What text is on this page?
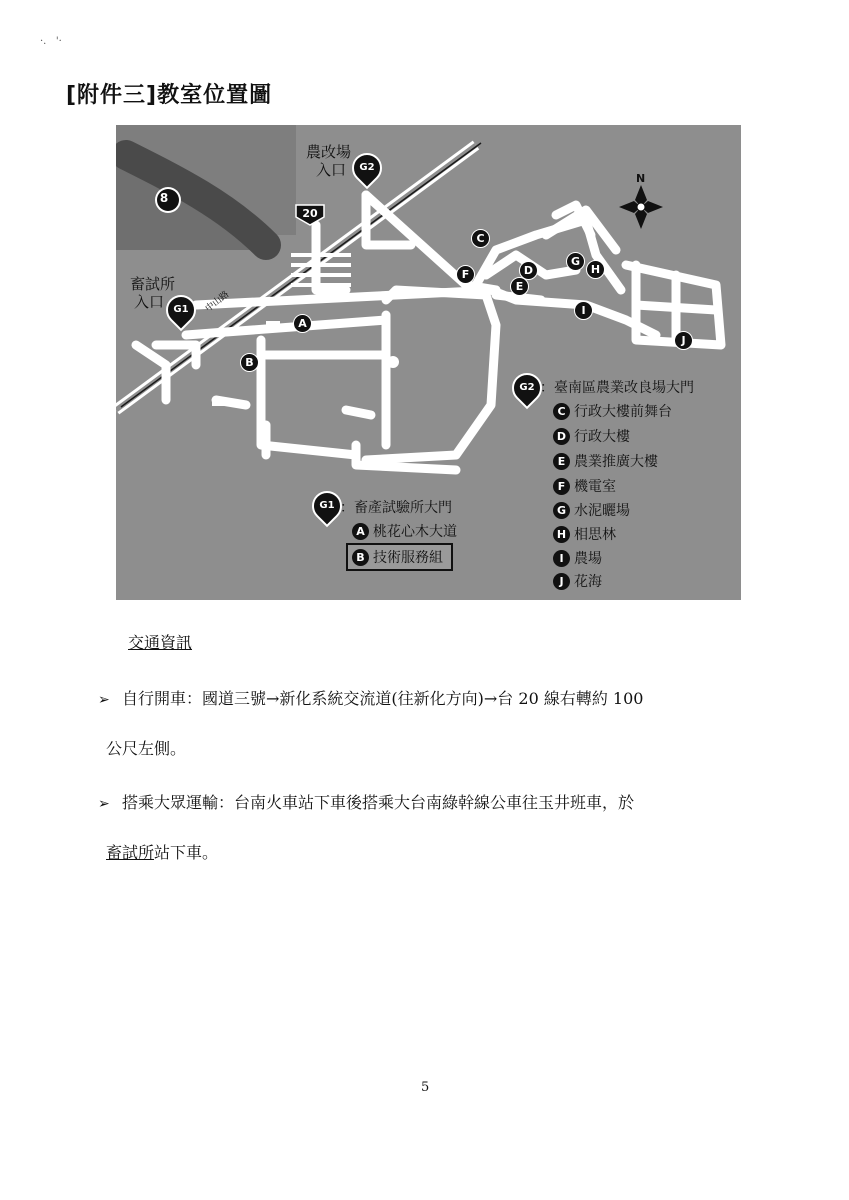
·.   '·
[附件三]教室位置圖
8
20
中山路
N
農改場
入口	G2
畜試所
入口 G1
A
B
C
D
E
F
G
H
I
J
G2 ：臺南區農業改良場大門
C 行政大樓前舞台
D 行政大樓
E 農業推廣大樓
F 機電室
G 水泥曬場
H 相思林
I 農場
J 花海
G1 ：畜產試驗所大門
A 桃花心木大道
B 技術服務組
交通資訊
➢ 自行開車：國道三號→新化系統交流道(往新化方向)→台 20 線右轉約 100
公尺左側。
➢ 搭乘大眾運輸：台南火車站下車後搭乘大台南綠幹線公車往玉井班車，於
畜試所站下車。
5
